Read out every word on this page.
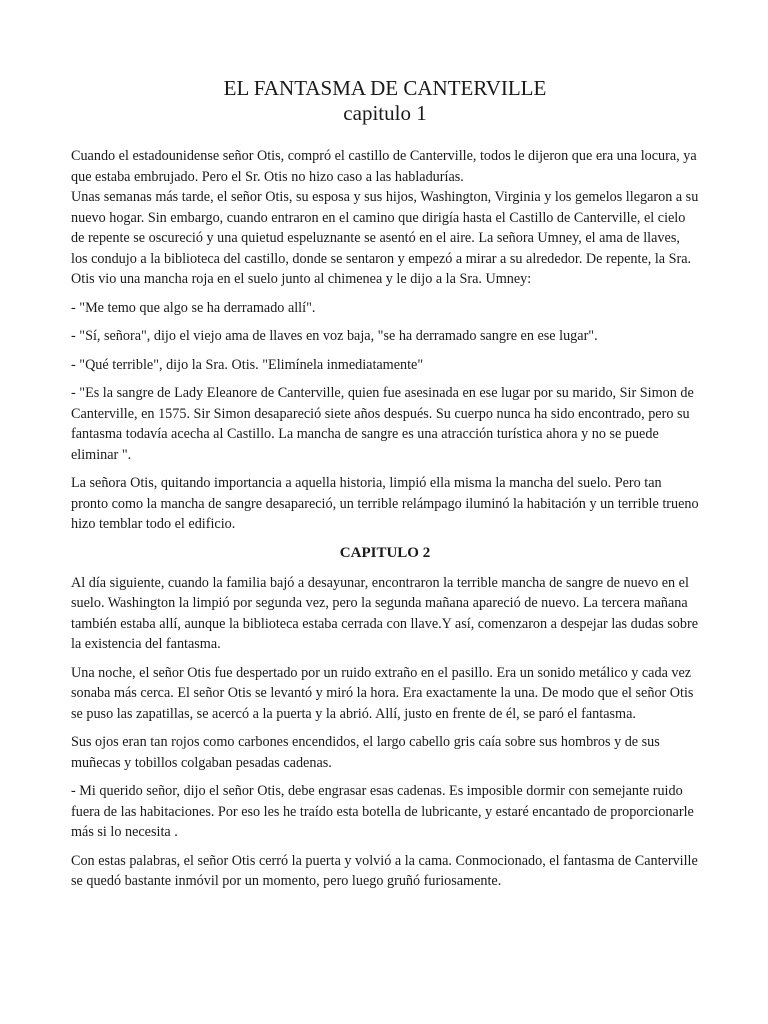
EL FANTASMA DE CANTERVILLE
capitulo 1

Cuando el estadounidense señor Otis, compró el castillo de Canterville, todos le dijeron que era una locura, ya que estaba embrujado. Pero el Sr. Otis no hizo caso a las habladurías.

Unas semanas más tarde, el señor Otis, su esposa y sus hijos, Washington, Virginia y los gemelos llegaron a su nuevo hogar. Sin embargo, cuando entraron en el camino que dirigía hasta el Castillo de Canterville, el cielo de repente se oscureció y una quietud espeluznante se asentó en el aire. La señora Umney, el ama de llaves, los condujo a la biblioteca del castillo, donde se sentaron y empezó a mirar a su alrededor. De repente, la Sra. Otis vio una mancha roja en el suelo junto al chimenea y le dijo a la Sra. Umney:

- "Me temo que algo se ha derramado allí".

- "Sí, señora", dijo el viejo ama de llaves en voz baja, "se ha derramado sangre en ese lugar".

- "Qué terrible", dijo la Sra. Otis. "Elimínela inmediatamente"

- "Es la sangre de Lady Eleanore de Canterville, quien fue asesinada en ese lugar por su marido, Sir Simon de Canterville, en 1575. Sir Simon desapareció siete años después. Su cuerpo nunca ha sido encontrado, pero su fantasma todavía acecha al Castillo. La mancha de sangre es una atracción turística ahora y no se puede eliminar ".

La señora Otis, quitando importancia a aquella historia, limpió ella misma la mancha del suelo. Pero tan pronto como la mancha de sangre desapareció, un terrible relámpago iluminó la habitación y un terrible trueno hizo temblar todo el edificio.

CAPITULO 2

Al día siguiente, cuando la familia bajó a desayunar, encontraron la terrible mancha de sangre de nuevo en el suelo. Washington la limpió por segunda vez, pero la segunda mañana apareció de nuevo. La tercera mañana también estaba allí, aunque la biblioteca estaba cerrada con llave.Y así, comenzaron a despejar las dudas sobre la existencia del fantasma.

Una noche, el señor Otis fue despertado por un ruido extraño en el pasillo. Era un sonido metálico y cada vez sonaba más cerca. El señor Otis se levantó y miró la hora. Era exactamente la una. De modo que el señor Otis se puso las zapatillas, se acercó a la puerta y la abrió. Allí, justo en frente de él, se paró el fantasma.

Sus ojos eran tan rojos como carbones encendidos, el largo cabello gris caía sobre sus hombros y de sus muñecas y tobillos colgaban pesadas cadenas.

- Mi querido señor, dijo el señor Otis, debe engrasar esas cadenas. Es imposible dormir con semejante ruido fuera de las habitaciones. Por eso les he traído esta botella de lubricante, y estaré encantado de proporcionarle más si lo necesita .

Con estas palabras, el señor Otis cerró la puerta y volvió a la cama. Conmocionado, el fantasma de Canterville se quedó bastante inmóvil por un momento, pero luego gruñó furiosamente.
